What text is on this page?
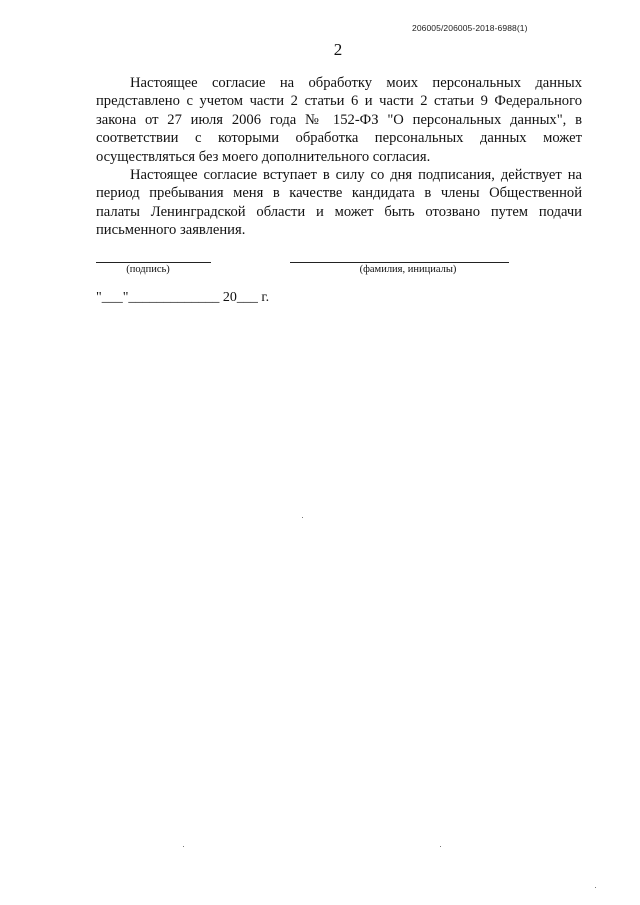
206005/206005-2018-6988(1)
2

Настоящее согласие на обработку моих персональных данных представлено с учетом части 2 статьи 6 и части 2 статьи 9 Федерального закона от 27 июля 2006 года № 152-ФЗ "О персональных данных", в соответствии с которыми обработка персональных данных может осуществляться без моего дополнительного согласия.

Настоящее согласие вступает в силу со дня подписания, действует на период пребывания меня в качестве кандидата в члены Общественной палаты Ленинградской области и может быть отозвано путем подачи письменного заявления.

(подпись)	(фамилия, инициалы)
"___"_____________ 20___ г.
